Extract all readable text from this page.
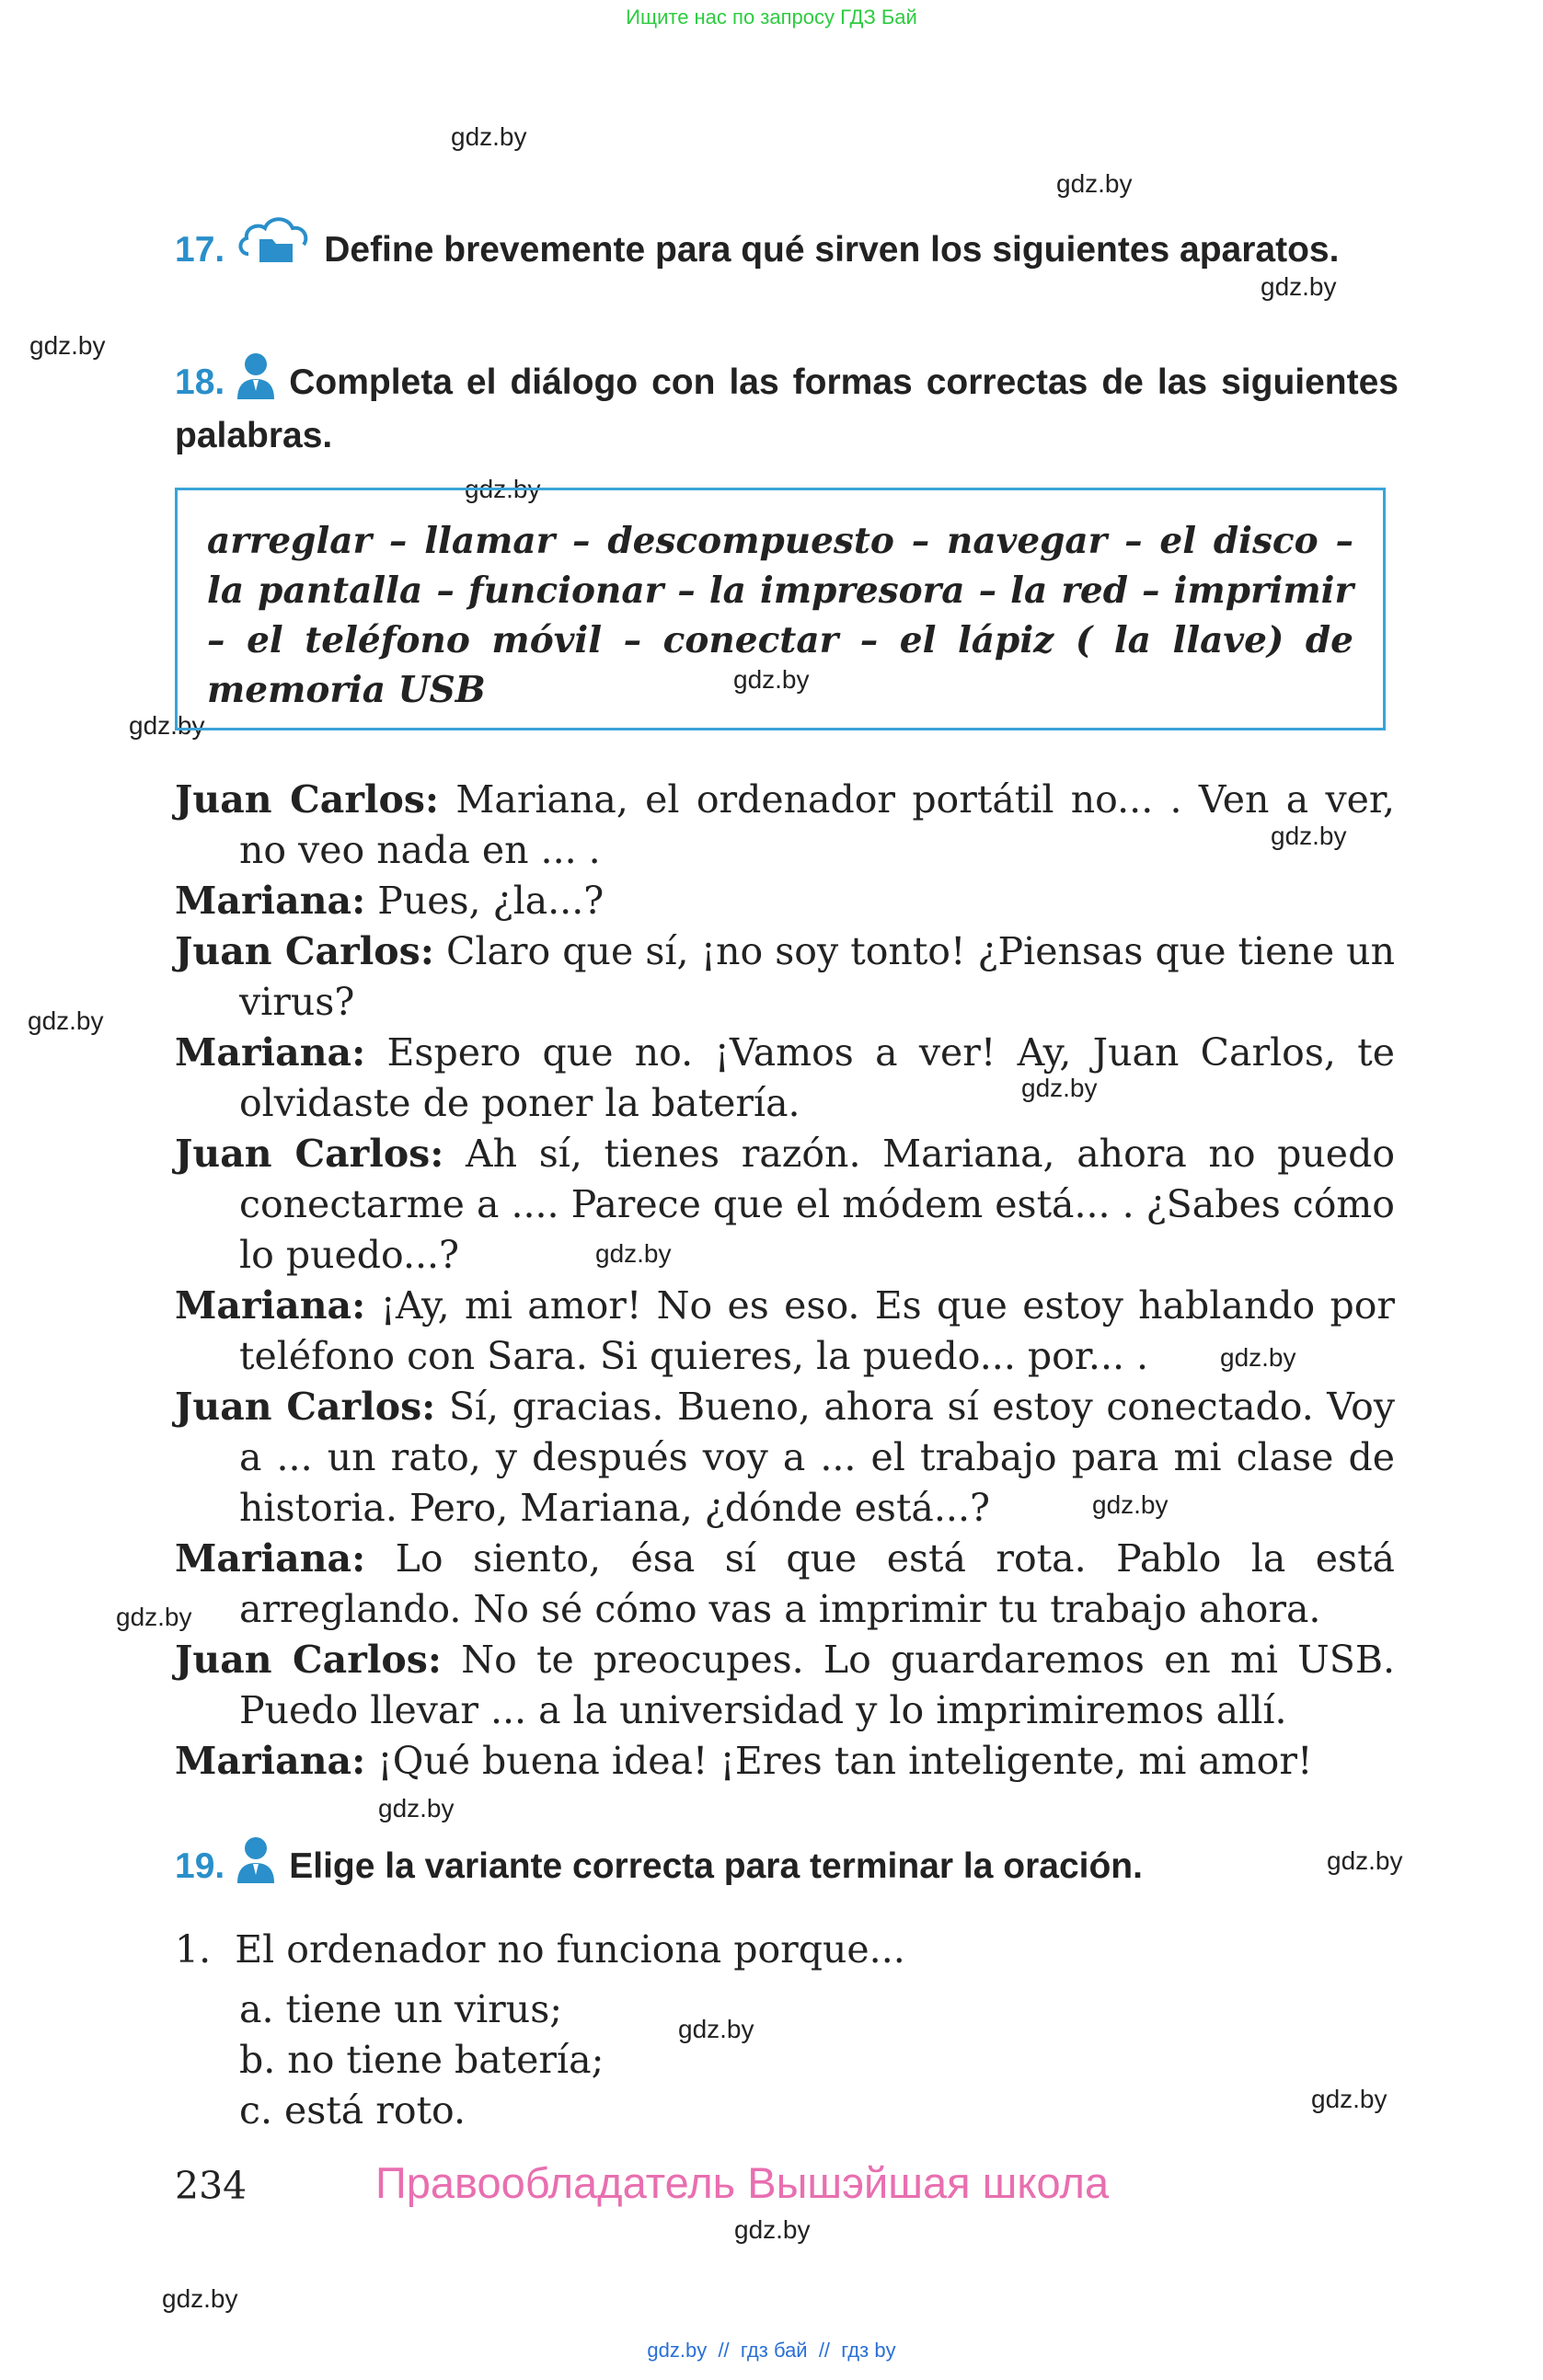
Ищите нас по запросу ГДЗ Бай
gdz.by
gdz.by
gdz.by
gdz.by
gdz.by
gdz.by
gdz.by
gdz.by
gdz.by
gdz.by
gdz.by
gdz.by
gdz.by
gdz.by
gdz.by
gdz.by
gdz.by
gdz.by
gdz.by
gdz.by
17.	Define brevemente para qué sirven los siguientes aparatos.
18. Completa el diálogo con las formas correctas de las siguientes palabras.

arreglar – llamar – descompuesto – navegar – el disco – la pantalla – funcionar – la impresora – la red – imprimir – el teléfono móvil – conectar – el lápiz ( la llave) de memoria USB

Juan Carlos: Mariana, el ordenador portátil no... . Ven a ver, no veo nada en ... .

Mariana: Pues, ¿la...?

Juan Carlos: Claro que sí, ¡no soy tonto! ¿Piensas que tiene un virus?

Mariana: Espero que no. ¡Vamos a ver! Ay, Juan Carlos, te olvidaste de poner la batería.

Juan Carlos: Ah sí, tienes razón. Mariana, ahora no puedo conectarme a .... Parece que el módem está... . ¿Sabes cómo lo puedo...?

Mariana: ¡Ay, mi amor! No es eso. Es que estoy hablando por teléfono con Sara. Si quieres, la puedo... por... .

Juan Carlos: Sí, gracias. Bueno, ahora sí estoy conectado. Voy a ... un rato, y después voy a ... el trabajo para mi clase de historia. Pero, Mariana, ¿dónde está...?

Mariana: Lo siento, ésa sí que está rota. Pablo la está arreglando. No sé cómo vas a imprimir tu trabajo ahora.

Juan Carlos: No te preocupes. Lo guardaremos en mi USB. Puedo llevar ... a la universidad y lo imprimiremos allí.

Mariana: ¡Qué buena idea! ¡Eres tan inteligente, mi amor!

19. Elige la variante correcta para terminar la oración.
1. El ordenador no funciona porque...
a. tiene un virus;
b. no tiene batería;
c. está roto.
234	Правообладатель Вышэйшая школа
gdz.by  //  гдз бай  //  гдз by
